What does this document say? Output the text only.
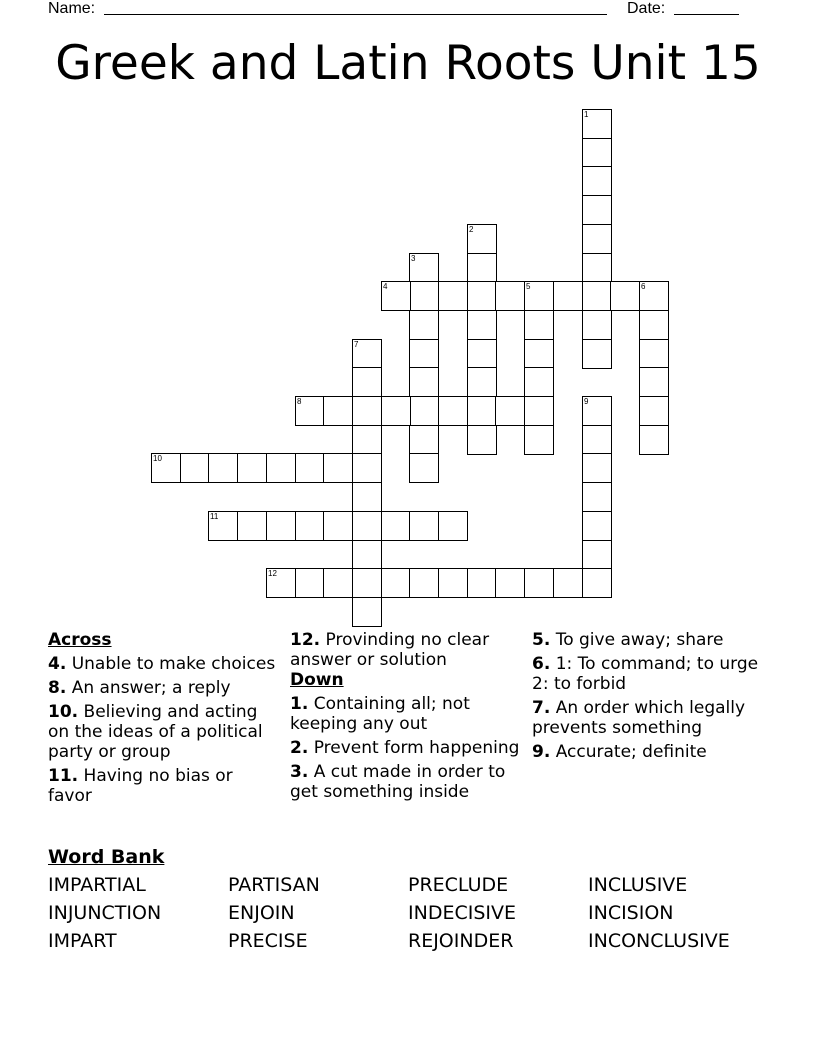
Name:	Date:
Greek and Latin Roots Unit 15
1
2
3
4	5	6
7
8	9
10
11
12
Across
4. Unable to make choices
8. An answer; a reply
10. Believing and acting on the ideas of a political party or group
11. Having no bias or favor
12. Provinding no clear answer or solution
Down
1. Containing all; not keeping any out
2. Prevent form happening
3. A cut made in order to get something inside
5. To give away; share
6. 1: To command; to urge 2: to forbid
7. An order which legally prevents something
9. Accurate; definite
Word Bank
IMPARTIAL	PARTISAN	PRECLUDE	INCLUSIVE
INJUNCTION	ENJOIN	INDECISIVE	INCISION
IMPART	PRECISE	REJOINDER	INCONCLUSIVE
